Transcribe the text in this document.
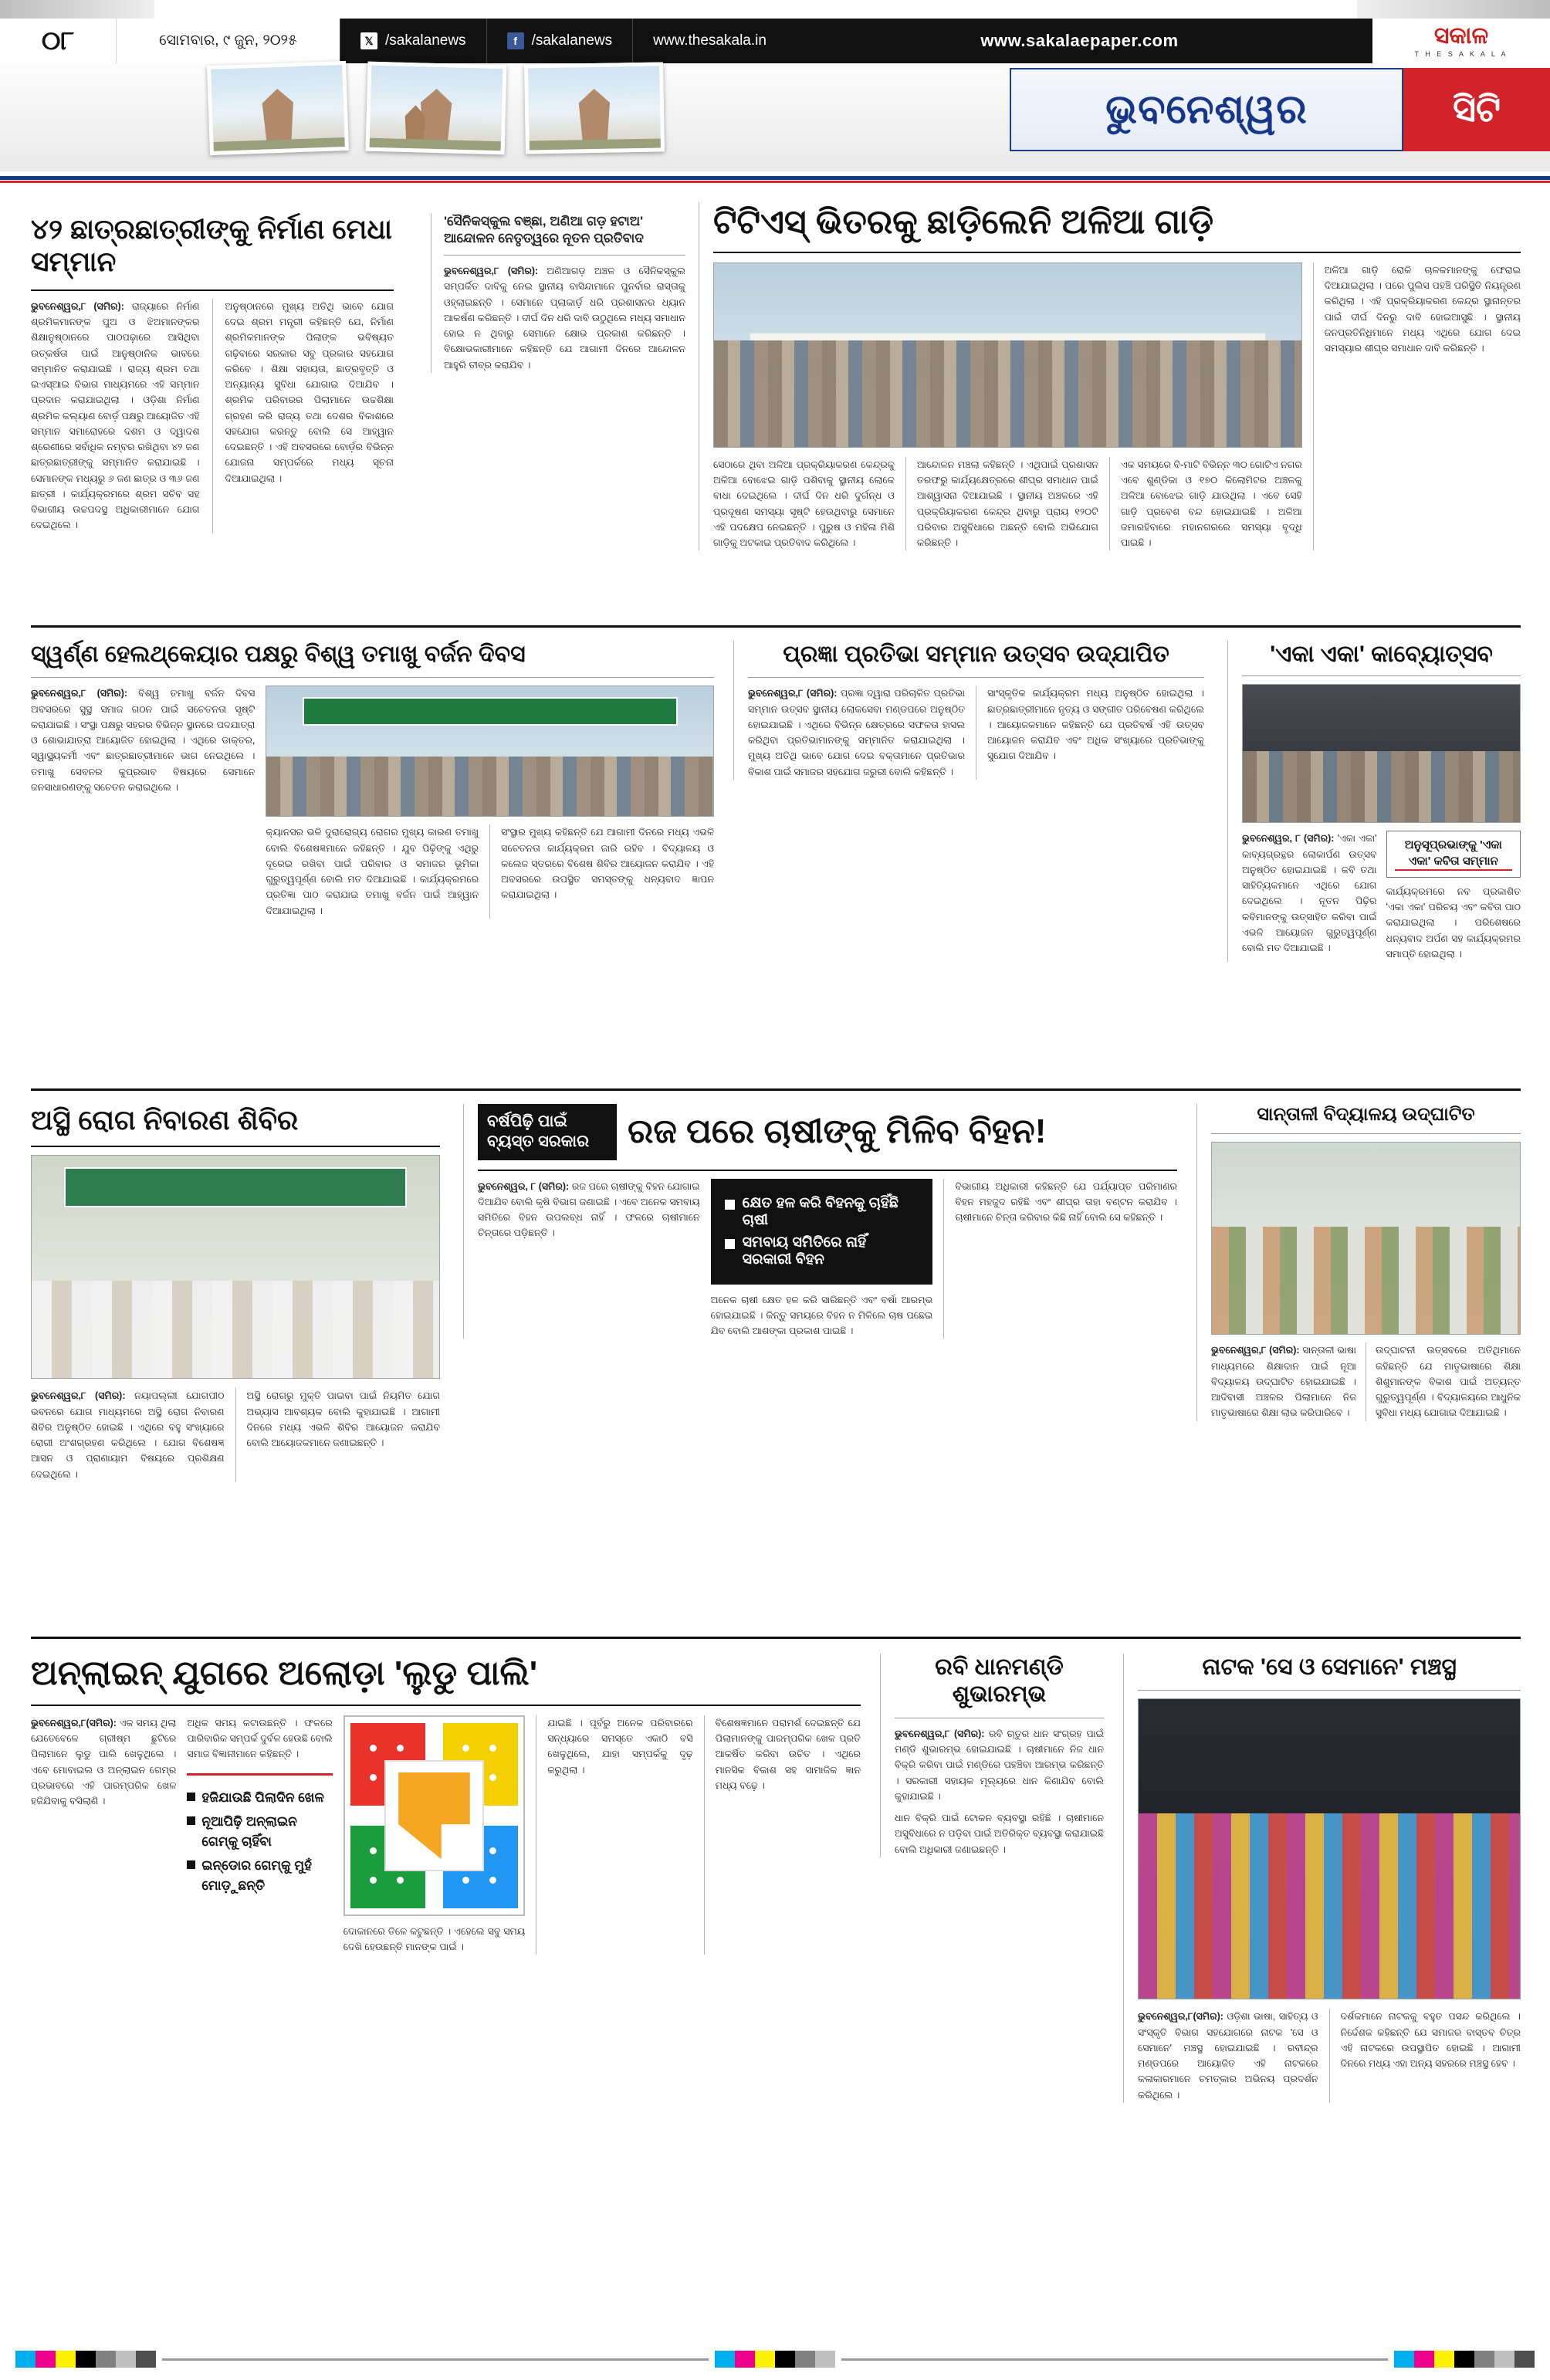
୦୮	ସୋମବାର, ୯ ଜୁନ, ୨୦୨୫	𝕏 /sakalanews	f /sakalanews	www.thesakala.in	www.sakalaepaper.com	ସକାଳ
T H E S A K A L A
ଭୁବନେଶ୍ୱର	ସିଟି
୪୨ ଛାତ୍ରଛାତ୍ରୀଙ୍କୁ ନିର୍ମାଣ ମେଧା ସମ୍ମାନ
ଭୁବନେଶ୍ୱର,୮ (ସମିର): ରାଜ୍ୟାରେ ନିର୍ମାଣ ଶ୍ରମିକମାନଙ୍କ ପୁଅ ଓ ଝିଅମାନଙ୍କର ଶିକ୍ଷାନୁଷ୍ଠାନରେ ପାଠପଢ଼ାରେ ଆସିଥିବା ଉତ୍କର୍ଷତା ପାଇଁ ଆନୁଷ୍ଠାନିକ ଭାବରେ ସମ୍ମାନିତ କରାଯାଇଛି । ରାଜ୍ୟ ଶ୍ରମ ତଥା ଇଏସ୍‌ଆଇ ବିଭାଗ ମାଧ୍ୟମରେ ଏହି ସମ୍ମାନ ପ୍ରଦାନ କରାଯାଇଥିଲା । ଓଡ଼ିଶା ନିର୍ମାଣ ଶ୍ରମିକ କଲ୍ୟାଣ ବୋର୍ଡ଼ ପକ୍ଷରୁ ଆୟୋଜିତ ଏହି ସମ୍ମାନ ସମାରୋହରେ ଦଶମ ଓ ଦ୍ୱାଦଶ ଶ୍ରେଣୀରେ ସର୍ବାଧିକ ନମ୍ବର ରଖିଥିବା ୪୨ ଜଣ ଛାତ୍ରଛାତ୍ରୀଙ୍କୁ ସମ୍ମାନିତ କରାଯାଇଛି । ସେମାନଙ୍କ ମଧ୍ୟରୁ ୬ ଜଣ ଛାତ୍ର ଓ ୩୬ ଜଣ ଛାତ୍ରୀ । କାର୍ଯ୍ୟକ୍ରମରେ ଶ୍ରମ ସଚିବ ସହ ବିଭାଗୀୟ ଉଚ୍ଚପଦସ୍ଥ ଅଧିକାରୀମାନେ ଯୋଗ ଦେଇଥିଲେ ।
ଅନୁଷ୍ଠାନରେ ମୁଖ୍ୟ ଅତିଥି ଭାବେ ଯୋଗ ଦେଇ ଶ୍ରମ ମନ୍ତ୍ରୀ କହିଛନ୍ତି ଯେ, ନିର୍ମାଣ ଶ୍ରମିକମାନଙ୍କ ପିଲାଙ୍କ ଭବିଷ୍ୟତ ଗଢ଼ିବାରେ ସରକାର ସବୁ ପ୍ରକାର ସହଯୋଗ କରିବେ । ଶିକ୍ଷା ସହାୟତା, ଛାତ୍ରବୃତ୍ତି ଓ ଅନ୍ୟାନ୍ୟ ସୁବିଧା ଯୋଗାଇ ଦିଆଯିବ । ଶ୍ରମିକ ପରିବାରର ପିଲାମାନେ ଉଚ୍ଚଶିକ୍ଷା ଗ୍ରହଣ କରି ରାଜ୍ୟ ତଥା ଦେଶର ବିକାଶରେ ସହଯୋଗ କରନ୍ତୁ ବୋଲି ସେ ଆହ୍ୱାନ ଦେଇଛନ୍ତି । ଏହି ଅବସରରେ ବୋର୍ଡ଼ର ବିଭିନ୍ନ ଯୋଜନା ସମ୍ପର୍କରେ ମଧ୍ୟ ସୂଚନା ଦିଆଯାଇଥିଲା ।
'ସୈନିକସ୍କୁଲ ବଞ୍ଛା, ଅଣିଆ ଗଡ଼ ହଟାଅ' ଆନ୍ଦୋଳନ ନେତୃତ୍ୱରେ ନୂତନ ପ୍ରତିବାଦ
ଭୁବନେଶ୍ୱର,୮ (ସମିର): ଅଣିଆଗଡ଼ ଅଞ୍ଚଳ ଓ ସୈନିକସ୍କୁଲ ସମ୍ପର୍କିତ ଦାବିକୁ ନେଇ ସ୍ଥାନୀୟ ବାସିନ୍ଦାମାନେ ପୁନର୍ବାର ରାସ୍ତାକୁ ଓହ୍ଲାଇଛନ୍ତି । ସେମାନେ ପ୍ଲାକାର୍ଡ଼ ଧରି ପ୍ରଶାସନର ଧ୍ୟାନ ଆକର୍ଷଣ କରିଛନ୍ତି । ଦୀର୍ଘ ଦିନ ଧରି ଦାବି ଉଠୁଥିଲେ ମଧ୍ୟ ସମାଧାନ ହୋଇ ନ ଥିବାରୁ ସେମାନେ କ୍ଷୋଭ ପ୍ରକାଶ କରିଛନ୍ତି । ବିକ୍ଷୋଭକାରୀମାନେ କହିଛନ୍ତି ଯେ ଆଗାମୀ ଦିନରେ ଆନ୍ଦୋଳନ ଆହୁରି ତୀବ୍ର କରାଯିବ ।
ଟିଟିଏସ୍‌ ଭିତରକୁ ଛାଡ଼ିଲେନି ଅଳିଆ ଗାଡ଼ି
ସେଠାରେ ଥିବା ଅଳିଆ ପ୍ରକ୍ରିୟାକରଣ କେନ୍ଦ୍ରକୁ ଅଳିଆ ବୋଝେଇ ଗାଡ଼ି ପଶିବାକୁ ସ୍ଥାନୀୟ ଲୋକେ ବାଧା ଦେଇଥିଲେ । ଦୀର୍ଘ ଦିନ ଧରି ଦୁର୍ଗନ୍ଧ ଓ ପ୍ରଦୂଷଣ ସମସ୍ୟା ସୃଷ୍ଟି ହେଉଥିବାରୁ ସେମାନେ ଏହି ପଦକ୍ଷେପ ନେଇଛନ୍ତି । ପୁରୁଷ ଓ ମହିଳା ମିଶି ଗାଡ଼ିକୁ ଅଟକାଇ ପ୍ରତିବାଦ କରିଥିଲେ ।
ଆନ୍ଦୋଳନ ମଞ୍ଚଲା କହିଛନ୍ତି । ଏଥିପାଇଁ ପ୍ରଶାସନ ତରଫରୁ କାର୍ଯ୍ୟକ୍ଷେତ୍ରରେ ଶୀଘ୍ର ସମାଧାନ ପାଇଁ ଆଶ୍ୱାସନା ଦିଆଯାଇଛି । ସ୍ଥାନୀୟ ଅଞ୍ଚଳରେ ଏହି ପ୍ରକ୍ରିୟାକରଣ କେନ୍ଦ୍ର ଥିବାରୁ ପ୍ରାୟ ୧୨୦ଟି ପରିବାର ଅସୁବିଧାରେ ଅଛନ୍ତି ବୋଲି ଅଭିଯୋଗ କରିଛନ୍ତି ।
ଏକ ସମୟରେ ବି-ମାଟି ବିଭିନ୍ନ ୩୦ ଗୋଟିଏ ନଗର ଏବେ ଶୁଣ୍ଡିକା ଓ ୧୭୦ କିଲୋମିଟର ଅଞ୍ଚଳକୁ ଅଳିଆ ବୋଝେଇ ଗାଡ଼ି ଯାଉଥିଲା । ଏବେ ସେହି ଗାଡ଼ି ପ୍ରବେଶ ବନ୍ଦ ହୋଇଯାଇଛି । ଅଳିଆ ଜମାରହିବାରେ ମହାନଗରରେ ସମସ୍ୟା ବୃଦ୍ଧି ପାଇଛି ।
ଅଳିଆ ଗାଡ଼ି ରୋକି ଚାଳକମାନଙ୍କୁ ଫେରାଇ ଦିଆଯାଇଥିଲା । ପରେ ପୁଲିସ ପହଞ୍ଚି ପରିସ୍ଥିତି ନିୟନ୍ତ୍ରଣ କରିଥିଲା । ଏହି ପ୍ରକ୍ରିୟାକରଣ କେନ୍ଦ୍ର ସ୍ଥାନାନ୍ତର ପାଇଁ ଦୀର୍ଘ ଦିନରୁ ଦାବି ହୋଇଆସୁଛି । ସ୍ଥାନୀୟ ଜନପ୍ରତିନିଧିମାନେ ମଧ୍ୟ ଏଥିରେ ଯୋଗ ଦେଇ ସମସ୍ୟାର ଶୀଘ୍ର ସମାଧାନ ଦାବି କରିଛନ୍ତି ।
ସ୍ୱର୍ଣ୍ଣ ହେଲଥ୍‌କେୟାର ପକ୍ଷରୁ ବିଶ୍ୱ ତମାଖୁ ବର୍ଜନ ଦିବସ
ଭୁବନେଶ୍ୱର,୮ (ସମିର): ବିଶ୍ୱ ତମାଖୁ ବର୍ଜନ ଦିବସ ଅବସରରେ ସୁସ୍ଥ ସମାଜ ଗଠନ ପାଇଁ ସଚେତନତା ସୃଷ୍ଟି କରାଯାଇଛି । ସଂସ୍ଥା ପକ୍ଷରୁ ସହରର ବିଭିନ୍ନ ସ୍ଥାନରେ ପଦଯାତ୍ରା ଓ ଶୋଭାଯାତ୍ରା ଆୟୋଜିତ ହୋଇଥିଲା । ଏଥିରେ ଡାକ୍ତର, ସ୍ୱାସ୍ଥ୍ୟକର୍ମୀ ଏବଂ ଛାତ୍ରଛାତ୍ରୀମାନେ ଭାଗ ନେଇଥିଲେ । ତମାଖୁ ସେବନର କୁପ୍ରଭାବ ବିଷୟରେ ସେମାନେ ଜନସାଧାରଣଙ୍କୁ ସଚେତନ କରାଇଥିଲେ ।
କ୍ୟାନସର ଭଳି ଦୁରାରୋଗ୍ୟ ରୋଗର ମୁଖ୍ୟ କାରଣ ତମାଖୁ ବୋଲି ବିଶେଷଜ୍ଞମାନେ କହିଛନ୍ତି । ଯୁବ ପିଢ଼ିଙ୍କୁ ଏଥିରୁ ଦୂରେଇ ରଖିବା ପାଇଁ ପରିବାର ଓ ସମାଜର ଭୂମିକା ଗୁରୁତ୍ୱପୂର୍ଣ୍ଣ ବୋଲି ମତ ଦିଆଯାଇଛି । କାର୍ଯ୍ୟକ୍ରମରେ ପ୍ରତିଜ୍ଞା ପାଠ କରାଯାଇ ତମାଖୁ ବର୍ଜନ ପାଇଁ ଆହ୍ୱାନ ଦିଆଯାଇଥିଲା ।
ସଂସ୍ଥାର ମୁଖ୍ୟ କହିଛନ୍ତି ଯେ ଆଗାମୀ ଦିନରେ ମଧ୍ୟ ଏଭଳି ସଚେତନତା କାର୍ଯ୍ୟକ୍ରମ ଜାରି ରହିବ । ବିଦ୍ୟାଳୟ ଓ କଲେଜ ସ୍ତରରେ ବିଶେଷ ଶିବିର ଆୟୋଜନ କରାଯିବ । ଏହି ଅବସରରେ ଉପସ୍ଥିତ ସମସ୍ତଙ୍କୁ ଧନ୍ୟବାଦ ଜ୍ଞାପନ କରାଯାଇଥିଲା ।
ପ୍ରଜ୍ଞା ପ୍ରତିଭା ସମ୍ମାନ ଉତ୍ସବ ଉଦ୍‌ଯାପିତ
ଭୁବନେଶ୍ୱର,୮ (ସମିର): ପ୍ରଜ୍ଞା ଦ୍ୱାରା ପରିଚାଳିତ ପ୍ରତିଭା ସମ୍ମାନ ଉତ୍ସବ ସ୍ଥାନୀୟ ଲୋକସେବା ମଣ୍ଡପରେ ଅନୁଷ୍ଠିତ ହୋଇଯାଇଛି । ଏଥିରେ ବିଭିନ୍ନ କ୍ଷେତ୍ରରେ ସଫଳତା ହାସଲ କରିଥିବା ପ୍ରତିଭାମାନଙ୍କୁ ସମ୍ମାନିତ କରାଯାଇଥିଲା । ମୁଖ୍ୟ ଅତିଥି ଭାବେ ଯୋଗ ଦେଇ ବକ୍ତାମାନେ ପ୍ରତିଭାର ବିକାଶ ପାଇଁ ସମାଜର ସହଯୋଗ ଜରୁରୀ ବୋଲି କହିଛନ୍ତି ।
ସାଂସ୍କୃତିକ କାର୍ଯ୍ୟକ୍ରମ ମଧ୍ୟ ଅନୁଷ୍ଠିତ ହୋଇଥିଲା । ଛାତ୍ରଛାତ୍ରୀମାନେ ନୃତ୍ୟ ଓ ସଙ୍ଗୀତ ପରିବେଷଣ କରିଥିଲେ । ଆୟୋଜକମାନେ କହିଛନ୍ତି ଯେ ପ୍ରତିବର୍ଷ ଏହି ଉତ୍ସବ ଆୟୋଜନ କରାଯିବ ଏବଂ ଅଧିକ ସଂଖ୍ୟାରେ ପ୍ରତିଭାଙ୍କୁ ସୁଯୋଗ ଦିଆଯିବ ।
'ଏକା ଏକା' କାବ୍ୟୋତ୍ସବ
ଭୁବନେଶ୍ୱର, ୮ (ସମିର): 'ଏକା ଏକା' କାବ୍ୟଗ୍ରନ୍ଥର ଲୋକାର୍ପଣ ଉତ୍ସବ ଅନୁଷ୍ଠିତ ହୋଇଯାଇଛି । କବି ତଥା ସାହିତ୍ୟିକମାନେ ଏଥିରେ ଯୋଗ ଦେଇଥିଲେ । ନୂତନ ପିଢ଼ିର କବିମାନଙ୍କୁ ଉତ୍ସାହିତ କରିବା ପାଇଁ ଏଭଳି ଆୟୋଜନ ଗୁରୁତ୍ୱପୂର୍ଣ୍ଣ ବୋଲି ମତ ଦିଆଯାଇଛି ।
ଅନୁସୂପ୍ରଭାଙ୍କୁ 'ଏକା ଏକା' କବିତା ସମ୍ମାନ
କାର୍ଯ୍ୟକ୍ରମରେ ନବ ପ୍ରକାଶିତ 'ଏକା ଏକା' ପରିଚୟ ଏବଂ କବିତା ପାଠ କରାଯାଇଥିଲା । ପରିଶେଷରେ ଧନ୍ୟବାଦ ଅର୍ପଣ ସହ କାର୍ଯ୍ୟକ୍ରମର ସମାପ୍ତି ହୋଇଥିଲା ।
ଅସ୍ଥି ରୋଗ ନିବାରଣ ଶିବିର
ଭୁବନେଶ୍ୱର,୮ (ସମିର): ନୟାପଲ୍ଲୀ ଯୋଗପୀଠ ଭବନରେ ଯୋଗ ମାଧ୍ୟମରେ ଅସ୍ଥି ରୋଗ ନିବାରଣ ଶିବିର ଅନୁଷ୍ଠିତ ହୋଇଛି । ଏଥିରେ ବହୁ ସଂଖ୍ୟାରେ ରୋଗୀ ଅଂଶଗ୍ରହଣ କରିଥିଲେ । ଯୋଗ ବିଶେଷଜ୍ଞ ଆସନ ଓ ପ୍ରାଣାୟାମ ବିଷୟରେ ପ୍ରଶିକ୍ଷଣ ଦେଇଥିଲେ ।
ଅସ୍ଥି ରୋଗରୁ ମୁକ୍ତି ପାଇବା ପାଇଁ ନିୟମିତ ଯୋଗ ଅଭ୍ୟାସ ଆବଶ୍ୟକ ବୋଲି କୁହାଯାଇଛି । ଆଗାମୀ ଦିନରେ ମଧ୍ୟ ଏଭଳି ଶିବିର ଆୟୋଜନ କରାଯିବ ବୋଲି ଆୟୋଜକମାନେ ଜଣାଇଛନ୍ତି ।
ବର୍ଷପିଢ଼ି ପାଇଁ ବ୍ୟସ୍ତ ସରକାର	ରଜ ପରେ ଚାଷୀଙ୍କୁ ମିଳିବ ବିହନ!
ଭୁବନେଶ୍ୱର, ୮ (ସମିର): ରଜ ପରେ ଚାଷୀଙ୍କୁ ବିହନ ଯୋଗାଇ ଦିଆଯିବ ବୋଲି କୃଷି ବିଭାଗ ଜଣାଇଛି । ଏବେ ଅନେକ ସମବାୟ ସମିତିରେ ବିହନ ଉପଲବ୍ଧ ନାହିଁ । ଫଳରେ ଚାଷୀମାନେ ଚିନ୍ତାରେ ପଡ଼ିଛନ୍ତି ।
କ୍ଷେତ ହଳ କରି ବିହନକୁ ଚାହିଁଛି ଚାଷୀ
ସମବାୟ ସମିତିରେ ନାହିଁ ସରକାରୀ ବିହନ
ଅନେକ ଚାଷୀ କ୍ଷେତ ହଳ କରି ସାରିଛନ୍ତି ଏବଂ ବର୍ଷା ଆରମ୍ଭ ହୋଇଯାଇଛି । କିନ୍ତୁ ସମୟରେ ବିହନ ନ ମିଳିଲେ ଚାଷ ପଛେଇ ଯିବ ବୋଲି ଆଶଙ୍କା ପ୍ରକାଶ ପାଇଛି ।
ବିଭାଗୀୟ ଅଧିକାରୀ କହିଛନ୍ତି ଯେ ପର୍ଯ୍ୟାପ୍ତ ପରିମାଣର ବିହନ ମହଜୁଦ ରହିଛି ଏବଂ ଶୀଘ୍ର ତାହା ବଣ୍ଟନ କରାଯିବ । ଚାଷୀମାନେ ଚିନ୍ତା କରିବାର କିଛି ନାହିଁ ବୋଲି ସେ କହିଛନ୍ତି ।
ସାନ୍ତାଳୀ ବିଦ୍ୟାଳୟ ଉଦ୍‌ଘାଟିତ
ଭୁବନେଶ୍ୱର,୮ (ସମିର): ସାନ୍ତାଳୀ ଭାଷା ମାଧ୍ୟମରେ ଶିକ୍ଷାଦାନ ପାଇଁ ନୂଆ ବିଦ୍ୟାଳୟ ଉଦ୍‌ଘାଟିତ ହୋଇଯାଇଛି । ଆଦିବାସୀ ଅଞ୍ଚଳର ପିଲାମାନେ ନିଜ ମାତୃଭାଷାରେ ଶିକ୍ଷା ଲାଭ କରିପାରିବେ ।
ଉଦ୍‌ଘାଟନୀ ଉତ୍ସବରେ ଅତିଥିମାନେ କହିଛନ୍ତି ଯେ ମାତୃଭାଷାରେ ଶିକ୍ଷା ଶିଶୁମାନଙ୍କ ବିକାଶ ପାଇଁ ଅତ୍ୟନ୍ତ ଗୁରୁତ୍ୱପୂର୍ଣ୍ଣ । ବିଦ୍ୟାଳୟରେ ଆଧୁନିକ ସୁବିଧା ମଧ୍ୟ ଯୋଗାଇ ଦିଆଯାଇଛି ।
ଅନ୍‌ଲାଇନ୍‌ ଯୁଗରେ ଅଲୋଡ଼ା 'ଲୁଡୁ ପାଲି'
ଭୁବନେଶ୍ୱର,୮(ସମିର): ଏକ ସମୟ ଥିଲା ଯେତେବେଳେ ଗ୍ରୀଷ୍ମ ଛୁଟିରେ ପିଲାମାନେ ଲୁଡୁ ପାଲି ଖେଳୁଥିଲେ । ଏବେ ମୋବାଇଲ ଓ ଅନ୍‌ଲାଇନ ଗେମ୍‌ର ପ୍ରଭାବରେ ଏହି ପାରମ୍ପରିକ ଖେଳ ହଜିଯିବାକୁ ବସିଲାଣି ।
ଅଧିକ ସମୟ କଟାଉଛନ୍ତି । ଫଳରେ ପାରିବାରିକ ସମ୍ପର୍କ ଦୁର୍ବଳ ହେଉଛି ବୋଲି ସମାଜ ବିଜ୍ଞାନୀମାନେ କହିଛନ୍ତି ।
ହଜିଯାଉଛି ପିଲାଦିନ ଖେଳ
ନୂଆପିଢ଼ି ଅନ୍‌ଲାଇନ ଗେମ୍‌କୁ ଚାହିଁବା
ଇନ୍‌ଡୋର ଗେମ୍‌କୁ ମୁହଁ ମୋଡ଼ୁଛନ୍ତି
ଦୋକାନରେ ତିଳେ କଟୁଛନ୍ତି । ଏହେଲେ ସବୁ ସମୟ ଦେଖି ହେଉଛନ୍ତି ମାନଙ୍କ ପାଇଁ ।
ଯାଇଛି । ପୂର୍ବରୁ ଅନେକ ପରିବାରରେ ସନ୍ଧ୍ୟାରେ ସମସ୍ତେ ଏକାଠି ବସି ଖେଳୁଥିଲେ, ଯାହା ସମ୍ପର୍କକୁ ଦୃଢ଼ କରୁଥିଲା ।
ବିଶେଷଜ୍ଞମାନେ ପରାମର୍ଶ ଦେଇଛନ୍ତି ଯେ ପିଲାମାନଙ୍କୁ ପାରମ୍ପରିକ ଖେଳ ପ୍ରତି ଆକର୍ଷିତ କରିବା ଉଚିତ । ଏଥିରେ ମାନସିକ ବିକାଶ ସହ ସାମାଜିକ ଜ୍ଞାନ ମଧ୍ୟ ବଢ଼େ ।
ରବି ଧାନମଣ୍ଡି ଶୁଭାରମ୍ଭ
ଭୁବନେଶ୍ୱର,୮ (ସମିର): ରବି ଋତୁର ଧାନ ସଂଗ୍ରହ ପାଇଁ ମଣ୍ଡି ଶୁଭାରମ୍ଭ ହୋଇଯାଇଛି । ଚାଷୀମାନେ ନିଜ ଧାନ ବିକ୍ରି କରିବା ପାଇଁ ମଣ୍ଡିରେ ପହଞ୍ଚିବା ଆରମ୍ଭ କରିଛନ୍ତି । ସରକାରୀ ସହାୟକ ମୂଲ୍ୟରେ ଧାନ କିଣାଯିବ ବୋଲି କୁହାଯାଇଛି ।
ଧାନ ବିକ୍ରି ପାଇଁ ଟୋକନ ବ୍ୟବସ୍ଥା ରହିଛି । ଚାଷୀମାନେ ଅସୁବିଧାରେ ନ ପଡ଼ିବା ପାଇଁ ଅତିରିକ୍ତ ବ୍ୟବସ୍ଥା କରାଯାଇଛି ବୋଲି ଅଧିକାରୀ ଜଣାଇଛନ୍ତି ।
ନାଟକ 'ସେ ଓ ସେମାନେ' ମଞ୍ଚସ୍ଥ
ଭୁବନେଶ୍ୱର,୮(ସମିର): ଓଡ଼ିଶା ଭାଷା, ସାହିତ୍ୟ ଓ ସଂସ୍କୃତି ବିଭାଗ ସହଯୋଗରେ ନାଟକ 'ସେ ଓ ସେମାନେ' ମଞ୍ଚସ୍ଥ ହୋଇଯାଇଛି । ରବୀନ୍ଦ୍ର ମଣ୍ଡପରେ ଆୟୋଜିତ ଏହି ନାଟକରେ କଳାକାରମାନେ ଚମତ୍କାର ଅଭିନୟ ପ୍ରଦର୍ଶନ କରିଥିଲେ ।
ଦର୍ଶକମାନେ ନାଟକକୁ ବହୁତ ପସନ୍ଦ କରିଥିଲେ । ନିର୍ଦ୍ଦେଶକ କହିଛନ୍ତି ଯେ ସମାଜର ବାସ୍ତବ ଚିତ୍ର ଏହି ନାଟକରେ ଉପସ୍ଥାପିତ ହୋଇଛି । ଆଗାମୀ ଦିନରେ ମଧ୍ୟ ଏହା ଅନ୍ୟ ସହରରେ ମଞ୍ଚସ୍ଥ ହେବ ।
